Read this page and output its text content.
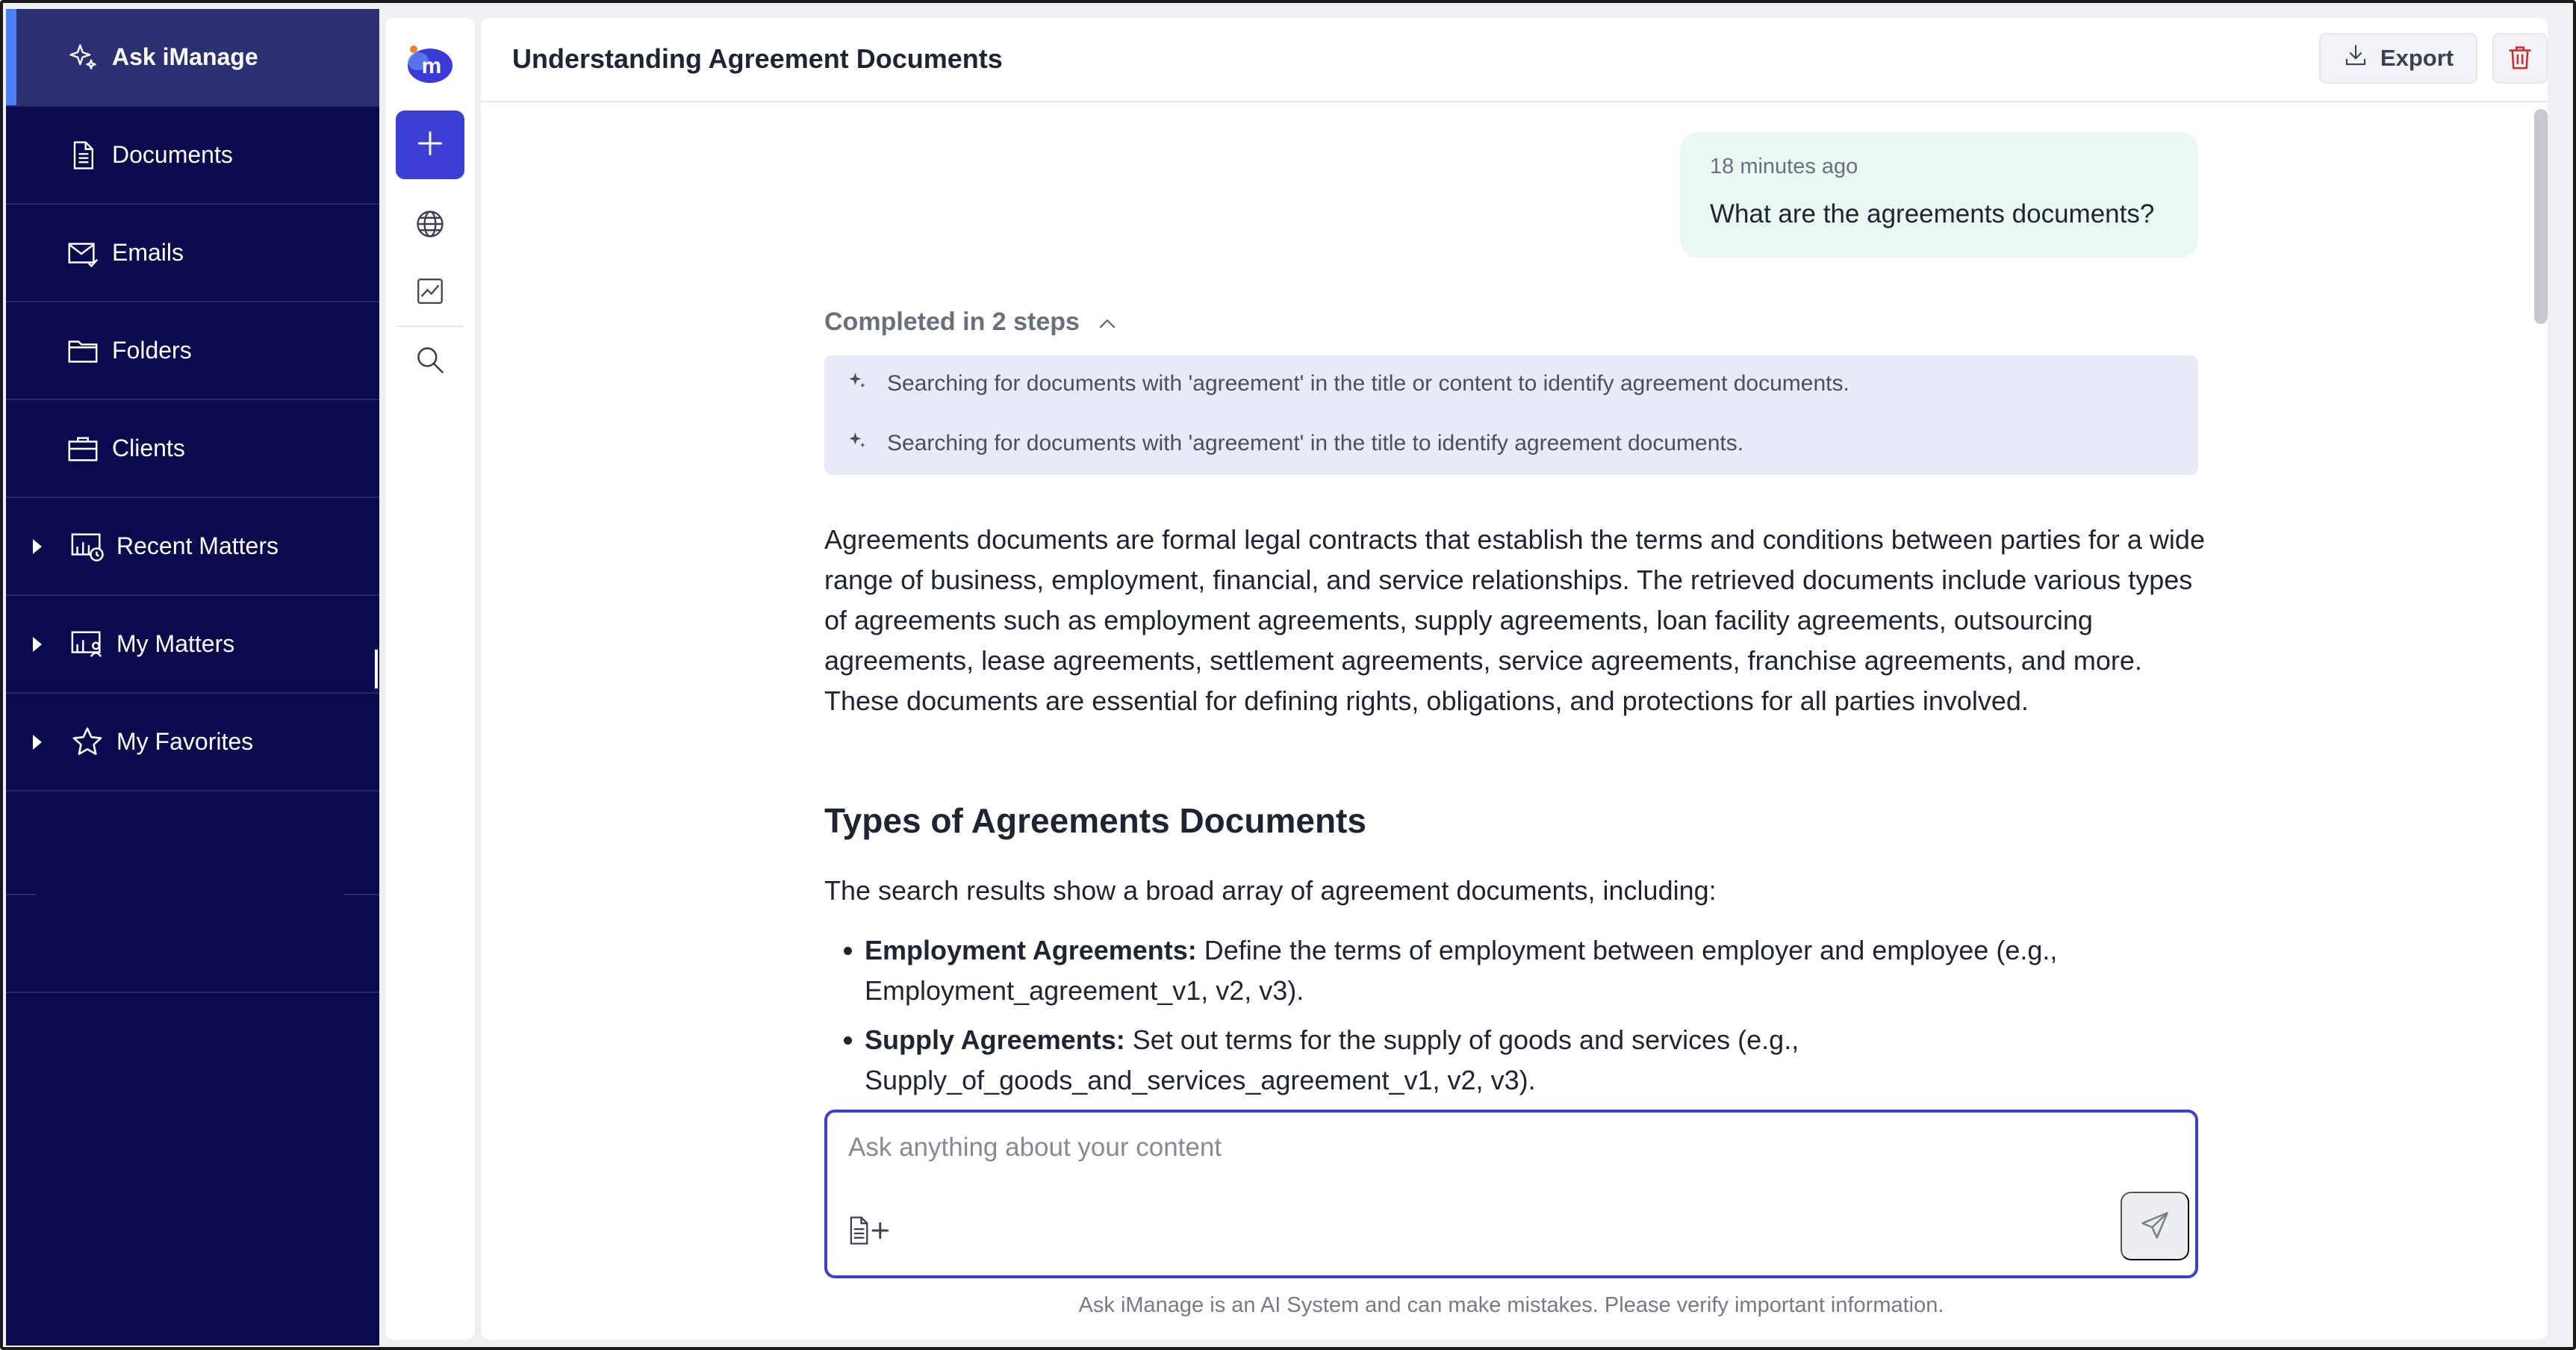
Ask iManage
Documents
Emails
Folders
Clients
Recent Matters
My Matters
My Favorites
m	Understanding Agreement Documents	Export
18 minutes ago
What are the agreements documents?
Completed in 2 steps
Searching for documents with 'agreement' in the title or content to identify agreement documents.
Searching for documents with 'agreement' in the title to identify agreement documents.

Agreements documents are formal legal contracts that establish the terms and conditions between parties for a wide range of business, employment, financial, and service relationships. The retrieved documents include various types of agreements such as employment agreements, supply agreements, loan facility agreements, outsourcing agreements, lease agreements, settlement agreements, service agreements, franchise agreements, and more. These documents are essential for defining rights, obligations, and protections for all parties involved.

Types of Agreements Documents

The search results show a broad array of agreement documents, including:

Employment Agreements: Define the terms of employment between employer and employee (e.g., Employment_agreement_v1, v2, v3).
Supply Agreements: Set out terms for the supply of goods and services (e.g., Supply_of_goods_and_services_agreement_v1, v2, v3).
Ask anything about your content
Ask iManage is an AI System and can make mistakes. Please verify important information.
